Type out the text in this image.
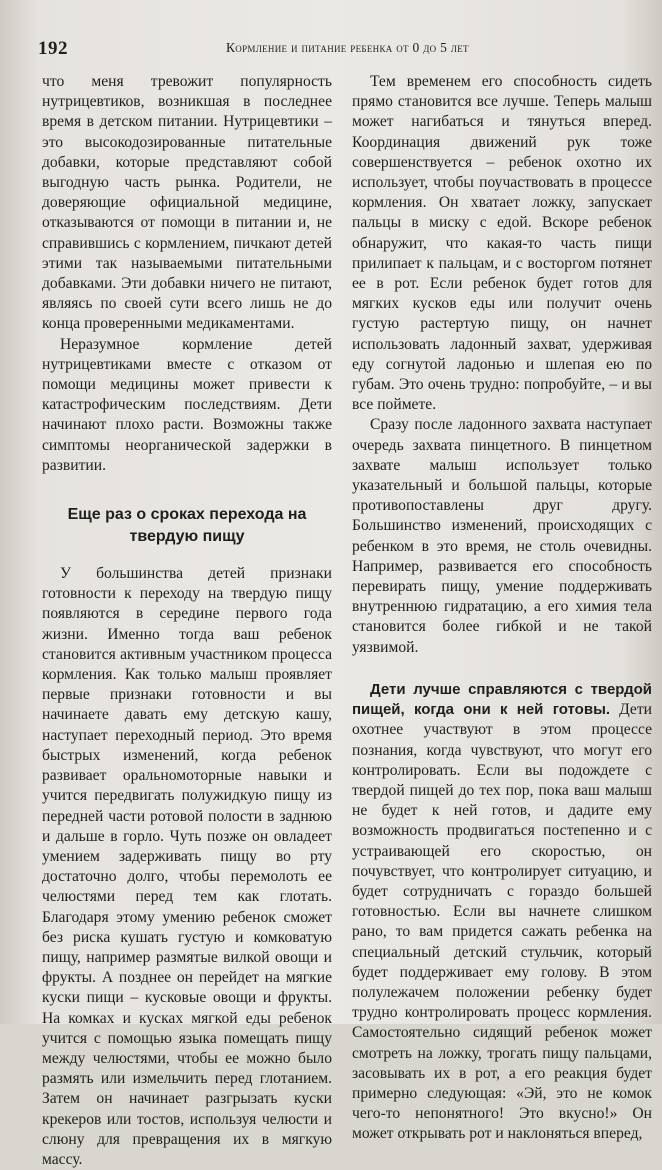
192	Кормление и питание ребенка от 0 до 5 лет

что меня тревожит популярность нутрицевтиков, возникшая в последнее время в детском питании. Нутрицевтики – это высокодозированные питательные добавки, которые представляют собой выгодную часть рынка. Родители, не доверяющие официальной медицине, отказываются от помощи в питании и, не справившись с кормлением, пичкают детей этими так называемыми питательными добавками. Эти добавки ничего не питают, являясь по своей сути всего лишь не до конца проверенными медикаментами.

Неразумное кормление детей нутрицевтиками вместе с отказом от помощи медицины может привести к катастрофическим последствиям. Дети начинают плохо расти. Возможны также симптомы неорганической задержки в развитии.

Еще раз о сроках перехода на твердую пищу

У большинства детей признаки готовности к переходу на твердую пищу появляются в середине первого года жизни. Именно тогда ваш ребенок становится активным участником процесса кормления. Как только малыш проявляет первые признаки готовности и вы начинаете давать ему детскую кашу, наступает переходный период. Это время быстрых изменений, когда ребенок развивает оральномоторные навыки и учится передвигать полужидкую пищу из передней части ротовой полости в заднюю и дальше в горло. Чуть позже он овладеет умением задерживать пищу во рту достаточно долго, чтобы перемолоть ее челюстями перед тем как глотать. Благодаря этому умению ребенок сможет без риска кушать густую и комковатую пищу, например размятые вилкой овощи и фрукты. А позднее он перейдет на мягкие куски пищи – кусковые овощи и фрукты. На комках и кусках мягкой еды ребенок учится с помощью языка помещать пищу между челюстями, чтобы ее можно было размять или измельчить перед глотанием. Затем он начинает разгрызать куски крекеров или тостов, используя челюсти и слюну для превращения их в мягкую массу.

Тем временем его способность сидеть прямо становится все лучше. Теперь малыш может нагибаться и тянуться вперед. Координация движений рук тоже совершенствуется – ребенок охотно их использует, чтобы поучаствовать в процессе кормления. Он хватает ложку, запускает пальцы в миску с едой. Вскоре ребенок обнаружит, что какая-то часть пищи прилипает к пальцам, и с восторгом потянет ее в рот. Если ребенок будет готов для мягких кусков еды или получит очень густую растертую пищу, он начнет использовать ладонный захват, удерживая еду согнутой ладонью и шлепая ею по губам. Это очень трудно: попробуйте, – и вы все поймете.

Сразу после ладонного захвата наступает очередь захвата пинцетного. В пинцетном захвате малыш использует только указательный и большой пальцы, которые противопоставлены друг другу. Большинство изменений, происходящих с ребенком в это время, не столь очевидны. Например, развивается его способность перевирать пищу, умение поддерживать внутреннюю гидратацию, а его химия тела становится более гибкой и не такой уязвимой.

Дети лучше справляются с твердой пищей, когда они к ней готовы. Дети охотнее участвуют в этом процессе познания, когда чувствуют, что могут его контролировать. Если вы подождете с твердой пищей до тех пор, пока ваш малыш не будет к ней готов, и дадите ему возможность продвигаться постепенно и с устраивающей его скоростью, он почувствует, что контролирует ситуацию, и будет сотрудничать с гораздо большей готовностью. Если вы начнете слишком рано, то вам придется сажать ребенка на специальный детский стульчик, который будет поддерживает ему голову. В этом полулежачем положении ребенку будет трудно контролировать процесс кормления. Самостоятельно сидящий ребенок может смотреть на ложку, трогать пищу пальцами, засовывать их в рот, а его реакция будет примерно следующая: «Эй, это не комок чего-то непонятного! Это вкусно!» Он может открывать рот и наклоняться вперед,
